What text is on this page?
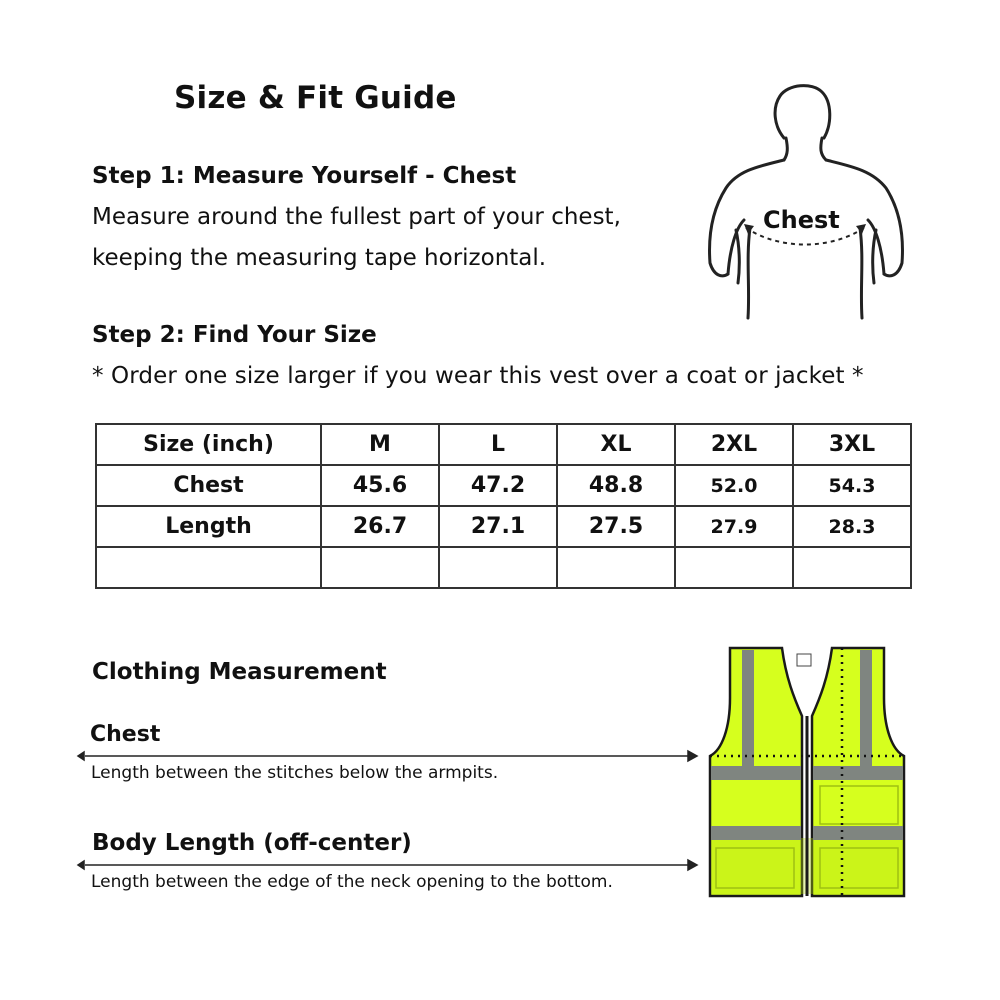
Size & Fit Guide
Step 1: Measure Yourself - Chest
Measure around the fullest part of your chest,
keeping the measuring tape horizontal.
Chest
Step 2: Find Your Size
* Order one size larger if you wear this vest over a coat or jacket *
Size (inch)	M	L	XL	2XL	3XL
Chest	45.6	47.2	48.8	52.0	54.3
Length	26.7	27.1	27.5	27.9	28.3

Clothing Measurement
Chest
Length between the stitches below the armpits.
Body Length (off-center)
Length between the edge of the neck opening to the bottom.
